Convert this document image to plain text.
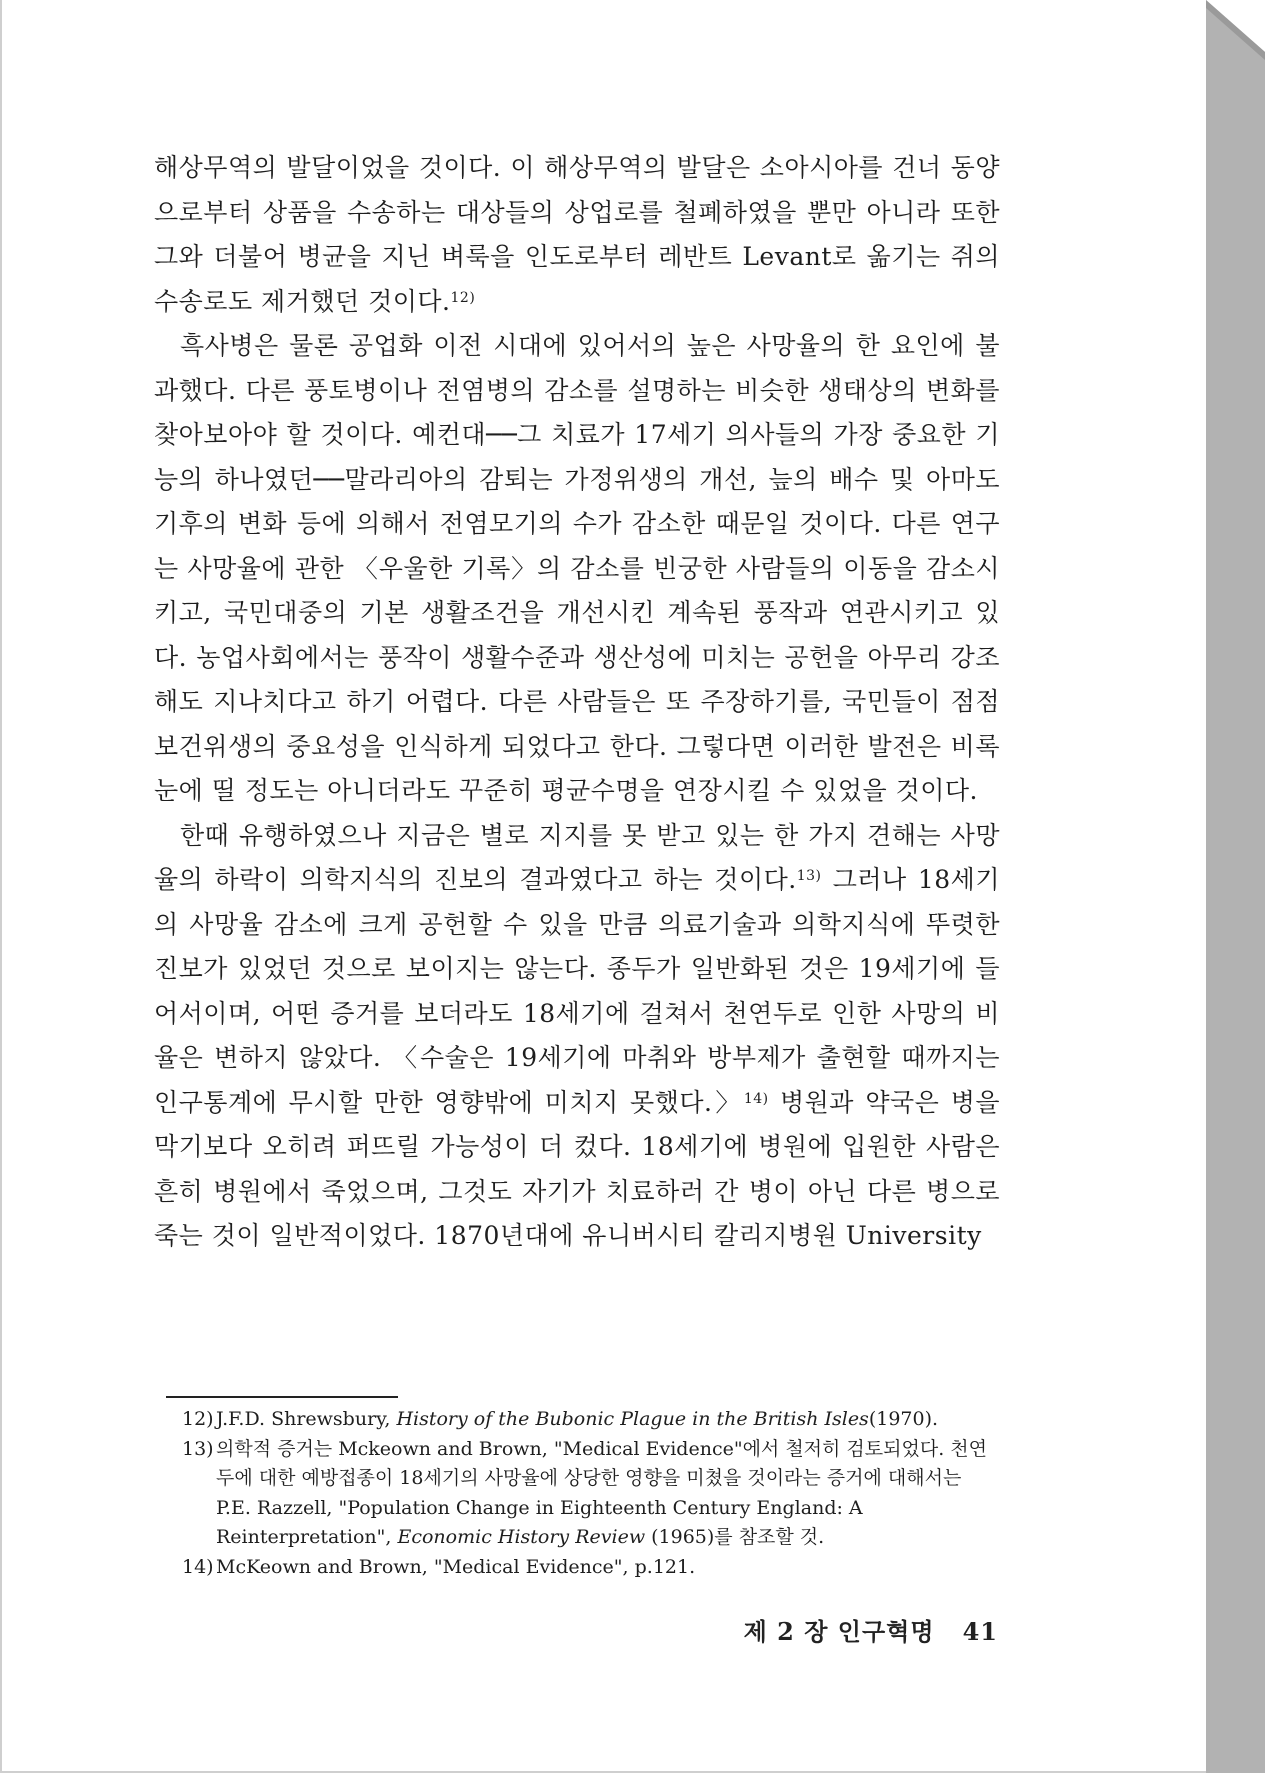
해상무역의 발달이었을 것이다. 이 해상무역의 발달은 소아시아를 건너 동양으로부터 상품을 수송하는 대상들의 상업로를 철폐하였을 뿐만 아니라 또한 그와 더불어 병균을 지닌 벼룩을 인도로부터 레반트 Levant로 옮기는 쥐의 수송로도 제거했던 것이다.$^{12)}$

흑사병은 물론 공업화 이전 시대에 있어서의 높은 사망율의 한 요인에 불과했다. 다른 풍토병이나 전염병의 감소를 설명하는 비슷한 생태상의 변화를 찾아보아야 할 것이다. 예컨대──그 치료가 17세기 의사들의 가장 중요한 기능의 하나였던──말라리아의 감퇴는 가정위생의 개선, 늪의 배수 및 아마도 기후의 변화 등에 의해서 전염모기의 수가 감소한 때문일 것이다. 다른 연구는 사망율에 관한 〈우울한 기록〉의 감소를 빈궁한 사람들의 이동을 감소시키고, 국민대중의 기본 생활조건을 개선시킨 계속된 풍작과 연관시키고 있다. 농업사회에서는 풍작이 생활수준과 생산성에 미치는 공헌을 아무리 강조해도 지나치다고 하기 어렵다. 다른 사람들은 또 주장하기를, 국민들이 점점 보건위생의 중요성을 인식하게 되었다고 한다. 그렇다면 이러한 발전은 비록 눈에 띨 정도는 아니더라도 꾸준히 평균수명을 연장시킬 수 있었을 것이다.

한때 유행하였으나 지금은 별로 지지를 못 받고 있는 한 가지 견해는 사망율의 하락이 의학지식의 진보의 결과였다고 하는 것이다.$^{13)}$ 그러나 18세기의 사망율 감소에 크게 공헌할 수 있을 만큼 의료기술과 의학지식에 뚜렷한 진보가 있었던 것으로 보이지는 않는다. 종두가 일반화된 것은 19세기에 들어서이며, 어떤 증거를 보더라도 18세기에 걸쳐서 천연두로 인한 사망의 비율은 변하지 않았다. 〈수술은 19세기에 마취와 방부제가 출현할 때까지는 인구통계에 무시할 만한 영향밖에 미치지 못했다.〉$^{14)}$ 병원과 약국은 병을 막기보다 오히려 퍼뜨릴 가능성이 더 컸다. 18세기에 병원에 입원한 사람은 흔히 병원에서 죽었으며, 그것도 자기가 치료하러 간 병이 아닌 다른 병으로 죽는 것이 일반적이었다. 1870년대에 유니버시티 칼리지병원 University

12) J.F.D. Shrewsbury, History of the Bubonic Plague in the British Isles(1970).
13) 의학적 증거는 Mckeown and Brown, "Medical Evidence"에서 철저히 검토되었다. 천연두에 대한 예방접종이 18세기의 사망율에 상당한 영향을 미쳤을 것이라는 증거에 대해서는 P.E. Razzell, "Population Change in Eighteenth Century England: A Reinterpretation", Economic History Review (1965)를 참조할 것.
14) McKeown and Brown, "Medical Evidence", p.121.
제 2 장 인구혁명 41
